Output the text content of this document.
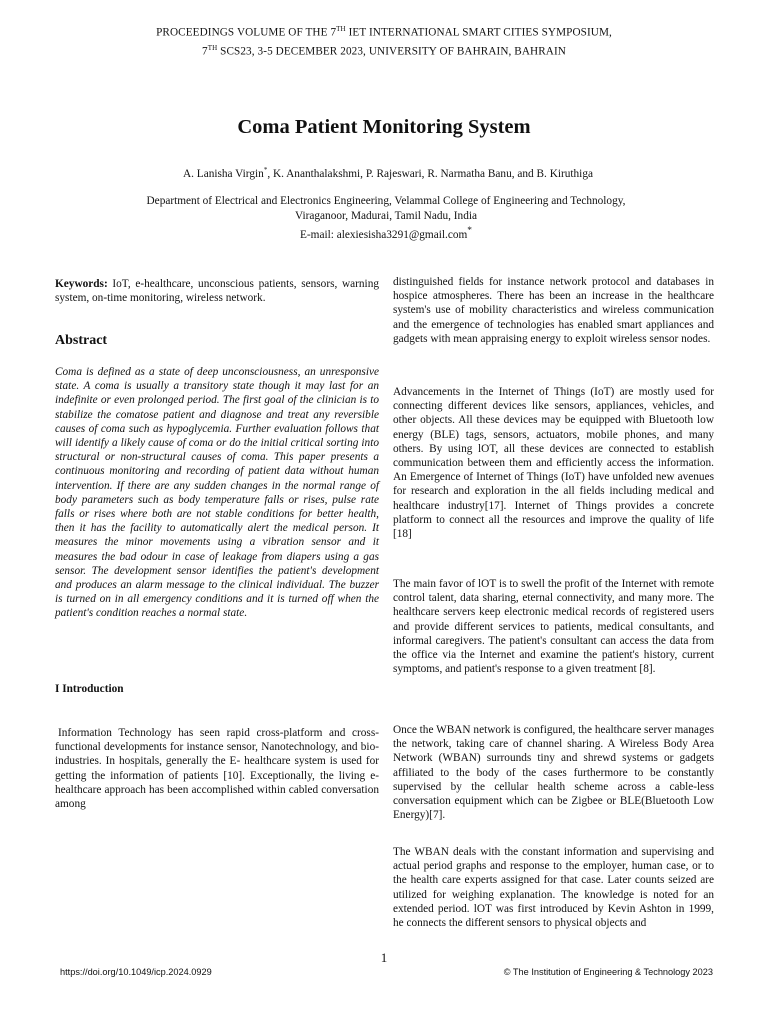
PROCEEDINGS VOLUME OF THE 7TH IET INTERNATIONAL SMART CITIES SYMPOSIUM,
7TH SCS23, 3-5 DECEMBER 2023, UNIVERSITY OF BAHRAIN, BAHRAIN
Coma Patient Monitoring System
A. Lanisha Virgin*, K. Ananthalakshmi, P. Rajeswari, R. Narmatha Banu, and B. Kiruthiga
Department of Electrical and Electronics Engineering, Velammal College of Engineering and Technology,
Viraganoor, Madurai, Tamil Nadu, India
E-mail: alexiesisha3291@gmail.com*

Keywords: IoT, e-healthcare, unconscious patients, sensors, warning system, on-time monitoring, wireless network.

Abstract

Coma is defined as a state of deep unconsciousness, an unresponsive state. A coma is usually a transitory state though it may last for an indefinite or even prolonged period. The first goal of the clinician is to stabilize the comatose patient and diagnose and treat any reversible causes of coma such as hypoglycemia. Further evaluation follows that will identify a likely cause of coma or do the initial critical sorting into structural or non-structural causes of coma. This paper presents a continuous monitoring and recording of patient data without human intervention. If there are any sudden changes in the normal range of body parameters such as body temperature falls or rises, pulse rate falls or rises where both are not stable conditions for better health, then it has the facility to automatically alert the medical person. It measures the minor movements using a vibration sensor and it measures the bad odour in case of leakage from diapers using a gas sensor. The development sensor identifies the patient's development and produces an alarm message to the clinical individual. The buzzer is turned on in all emergency conditions and it is turned off when the patient's condition reaches a normal state.

I Introduction

Information Technology has seen rapid cross-platform and cross-functional developments for instance sensor, Nanotechnology, and bio-industries. In hospitals, generally the E- healthcare system is used for getting the information of patients [10]. Exceptionally, the living e-healthcare approach has been accomplished within cabled conversation among

distinguished fields for instance network protocol and databases in hospice atmospheres. There has been an increase in the healthcare system's use of mobility characteristics and wireless communication and the emergence of technologies has enabled smart appliances and gadgets with mean appraising energy to exploit wireless sensor nodes.
Advancements in the Internet of Things (IoT) are mostly used for connecting different devices like sensors, appliances, vehicles, and other objects. All these devices may be equipped with Bluetooth low energy (BLE) tags, sensors, actuators, mobile phones, and many others. By using lOT, all these devices are connected to establish communication between them and efficiently access the information. An Emergence of Internet of Things (IoT) have unfolded new avenues for research and exploration in the all fields including medical and healthcare industry[17]. Internet of Things provides a concrete platform to connect all the resources and improve the quality of life [18]
The main favor of lOT is to swell the profit of the Internet with remote control talent, data sharing, eternal connectivity, and many more. The healthcare servers keep electronic medical records of registered users and provide different services to patients, medical consultants, and informal caregivers. The patient's consultant can access the data from the office via the Internet and examine the patient's history, current symptoms, and patient's response to a given treatment [8].
Once the WBAN network is configured, the healthcare server manages the network, taking care of channel sharing. A Wireless Body Area Network (WBAN) surrounds tiny and shrewd systems or gadgets affiliated to the body of the cases furthermore to be constantly supervised by the cellular health scheme across a cable-less conversation equipment which can be Zigbee or BLE(Bluetooth Low Energy)[7].
The WBAN deals with the constant information and supervising and actual period graphs and response to the employer, human case, or to the health care experts assigned for that case. Later counts seized are utilized for weighing explanation. The knowledge is noted for an extended period. lOT was first introduced by Kevin Ashton in 1999, he connects the different sensors to physical objects and
1
https://doi.org/10.1049/icp.2024.0929	© The Institution of Engineering & Technology 2023
